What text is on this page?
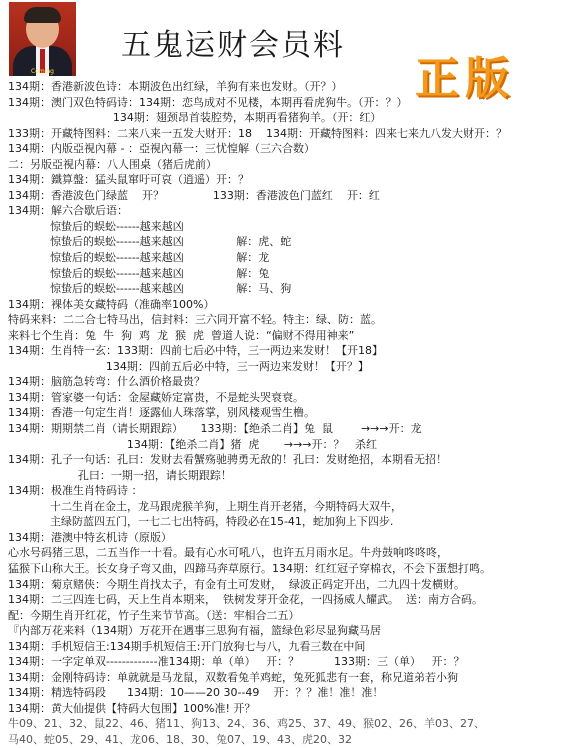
Coming
五鬼运财会员料
正版
134期：香港新波色诗：本期波色出红绿，羊狗有来也发财。（开？）
134期：澳门双色特码诗：134期：恋鸟成对不见楼，本期再看虎狗牛。（开：？）
134期：翅颈昂首装腔势，本期再看猪狗羊。（开：红）
133期：开藏特图料：二来八来一五发大财开：18    134期：开藏特图料：四来七来九八发大财开：？
134期：内版亞視內幕 - ：亞視內幕一：三忧惶解（三六合数）
二：另版亞視内幕：八人围桌（猪后虎前）
134期：鐵算盤：猛头鼠窜吁可哀（逍遥）开：？
134期：香港波色门绿蓝    开？              133期：香港波色门蓝红    开：红
134期：解六合歇后语：
惊蛰后的蜈蚣------越来越凶
惊蛰后的蜈蚣------越来越凶               解：虎、蛇
惊蛰后的蜈蚣------越来越凶               解：龙
惊蛰后的蜈蚣------越来越凶               解：兔
惊蛰后的蜈蚣------越来越凶               解：马、狗
134期：裸体美女藏特码（准确率100%）
特码来料：二二合七特马出，信封料：三六同开富不轻。特主：绿、防：蓝。
来料七个生肖：兔  牛  狗  鸡  龙  猴  虎  曾道人说：“偏财不得用神来”
134期：生肖特一玄：133期：四前七后必中特，三一两边来发财！【开18】
134期：四前五后必中特，三一两边来发财！【开？】
134期：脑筋急转弯：什么酒价格最贵？
134期：管家婆一句话：金屋藏娇定富贵，不是蛇头哭衰衰。
134期：香港一句定生肖！逐露仙人珠落掌，别风楼观雪生橹。
134期：期期禁二肖（请长期跟踪）     133期：【绝杀二肖】兔  鼠        →→→开：龙
134期：【绝杀二肖】猪  虎       →→→开：？   杀红
134期：孔子一句话：孔曰：发财去看蟹殇驰骋勇无敌的！孔曰：发财绝招，本期看无招！
孔曰：一期一招，请长期跟踪！
134期：极准生肖特码诗 ：
十二生肖在金土，龙马跟虎猴羊狗，上期生肖开老猪，今期特码大双牛，
主绿防蓝四五门，一七二七出特码，特段必在15-41，蛇加狗上下四步.
134期：港澳中特玄机诗（原版）
心水号码猪三思，二五当作一十看。最有心水可吼八，也许五月雨水足。牛舟鼓响咚咚咚，
猛猴下山称大王。长女身子弯又曲，四蹄马奔草原行。134期：红红冠子穿棉衣，不会下蛋想打鸣。
134期：菊京赌侠：今期生肖找太子，有金有土可发财，  绿波正码定开出，二九四十发横财。
134期：二三四连七码，天上生肖本期来，  铁树发芽开金花，一四扬威人耀武。  送：南方合码。
配：今期生肖开红花，竹子生来节节高。（送：牢相合二五）
『内部万花来料（134期）万花开在遇事三思狗有福，篮绿色彩尽显狗藏马居
134期：手机短信王:134期手机短信王:开门放狗七与八，九看三数在中间
134期：一字定单双-------------准134期：单（单）   开：？          133期：三（单）   开：？
134期：金刚特码诗：单就就是马龙鼠，双数看兔羊鸡蛇，兔死狐悲有一套，称兄道弟若小狗
134期：精选特码段      134期：10——20 30--49    开：？？准！准！准！
134期：黄大仙提供【特码大包围】100%准! 开？
牛09、21、32、鼠22、46、猪11、狗13、24、36、鸡25、37、49、猴02、26、羊03、27、
马40、蛇05、29、41、龙06、18、30、兔07、19、43、虎20、32
